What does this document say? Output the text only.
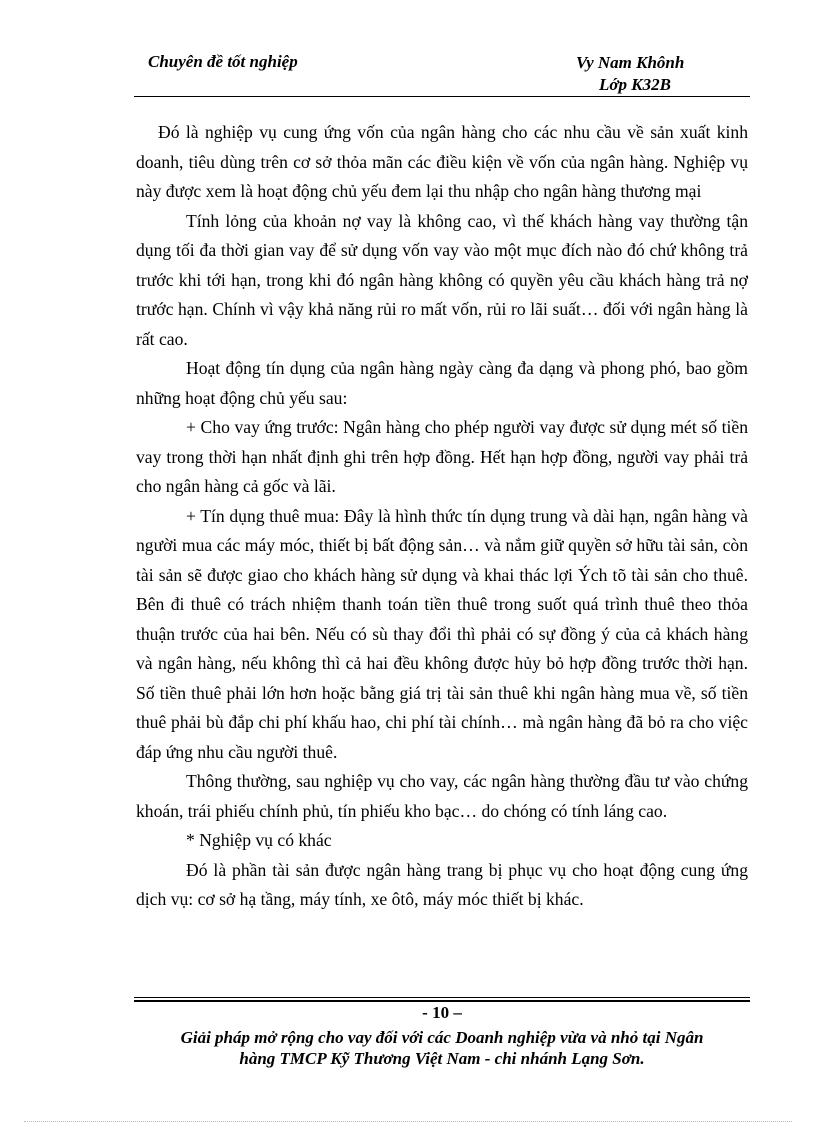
Chuyên đề tốt nghiệp	Vy Nam Khônh
Lớp K32B

Đó là nghiệp vụ cung ứng vốn của ngân hàng cho các nhu cầu về sản xuất kinh doanh, tiêu dùng trên cơ sở thỏa mãn các điều kiện về vốn của ngân hàng. Nghiệp vụ này được xem là hoạt động chủ yếu đem lại thu nhập cho ngân hàng thương mại

Tính lỏng của khoản nợ vay là không cao, vì thế khách hàng vay thường tận dụng tối đa thời gian vay để sử dụng vốn vay vào một mục đích nào đó chứ không trả trước khi tới hạn, trong khi đó ngân hàng không có quyền yêu cầu khách hàng trả nợ trước hạn. Chính vì vậy khả năng rủi ro mất vốn, rủi ro lãi suất… đối với ngân hàng là rất cao.

Hoạt động tín dụng của ngân hàng ngày càng đa dạng và phong phó, bao gồm những hoạt động chủ yếu sau:

+ Cho vay ứng trước: Ngân hàng cho phép người vay được sử dụng mét số tiền vay trong thời hạn nhất định ghi trên hợp đồng. Hết hạn hợp đồng, người vay phải trả cho ngân hàng cả gốc và lãi.

+ Tín dụng thuê mua: Đây là hình thức tín dụng trung và dài hạn, ngân hàng và người mua các máy móc, thiết bị bất động sản… và nắm giữ quyền sở hữu tài sản, còn tài sản sẽ được giao cho khách hàng sử dụng và khai thác lợi Ých tõ tài sản cho thuê. Bên đi thuê có trách nhiệm thanh toán tiền thuê trong suốt quá trình thuê theo thỏa thuận trước của hai bên. Nếu có sù thay đổi thì phải có sự đồng ý của cả khách hàng và ngân hàng, nếu không thì cả hai đều không được hủy bỏ hợp đồng trước thời hạn. Số tiền thuê phải lớn hơn hoặc bằng giá trị tài sản thuê khi ngân hàng mua về, số tiền thuê phải bù đắp chi phí khấu hao, chi phí tài chính… mà ngân hàng đã bỏ ra cho việc đáp ứng nhu cầu người thuê.

Thông thường, sau nghiệp vụ cho vay, các ngân hàng thường đầu tư vào chứng khoán, trái phiếu chính phủ, tín phiếu kho bạc… do chóng có tính láng cao.

* Nghiệp vụ có khác

Đó là phần tài sản được ngân hàng trang bị phục vụ cho hoạt động cung ứng dịch vụ: cơ sở hạ tầng, máy tính, xe ôtô, máy móc thiết bị khác.

- 10 –
Giải pháp mở rộng cho vay đối với các Doanh nghiệp vừa và nhỏ tại Ngân
hàng TMCP Kỹ Thương Việt Nam - chi nhánh Lạng Sơn.
